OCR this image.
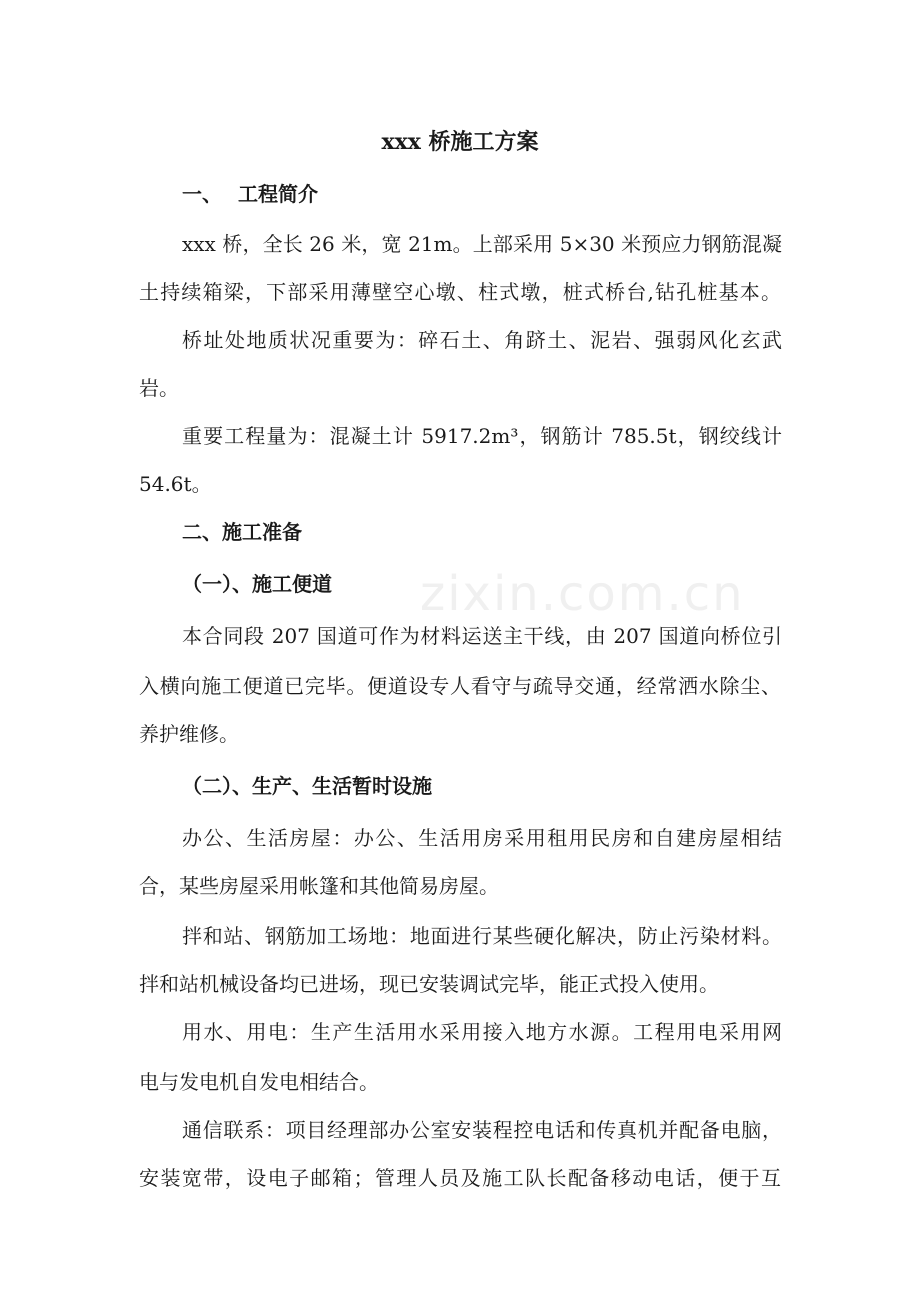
zixin.com.cn
xxx 桥施工方案
一、 工程简介

xxx 桥，全长 26 米，宽 21m。上部采用 5×30 米预应力钢筋混凝

土持续箱梁，下部采用薄壁空心墩、柱式墩，桩式桥台,钻孔桩基本。

桥址处地质状况重要为：碎石土、角跻土、泥岩、强弱风化玄武

岩。

重要工程量为：混凝土计 5917.2m³，钢筋计 785.5t，钢绞线计

54.6t。

二、施工准备
（一）、施工便道

本合同段 207 国道可作为材料运送主干线，由 207 国道向桥位引

入横向施工便道已完毕。便道设专人看守与疏导交通，经常洒水除尘、

养护维修。

（二）、生产、生活暂时设施

办公、生活房屋：办公、生活用房采用租用民房和自建房屋相结

合，某些房屋采用帐篷和其他简易房屋。

拌和站、钢筋加工场地：地面进行某些硬化解决，防止污染材料。

拌和站机械设备均已进场，现已安装调试完毕，能正式投入使用。

用水、用电：生产生活用水采用接入地方水源。工程用电采用网

电与发电机自发电相结合。

通信联系：项目经理部办公室安装程控电话和传真机并配备电脑，

安装宽带，设电子邮箱；管理人员及施工队长配备移动电话，便于互
